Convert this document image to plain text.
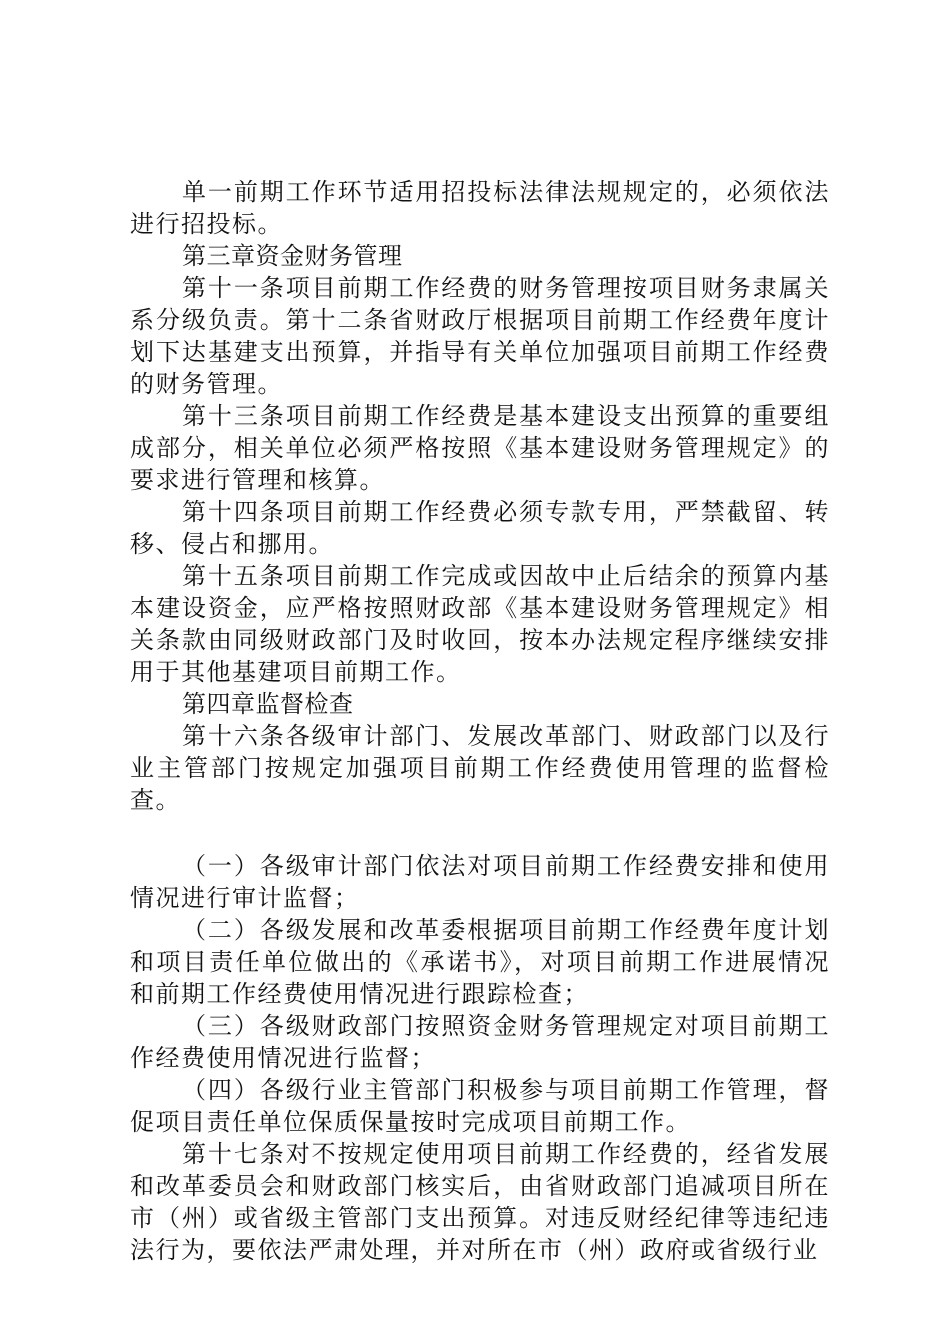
单一前期工作环节适用招投标法律法规规定的，必须依法进行招投标。

第三章资金财务管理

第十一条项目前期工作经费的财务管理按项目财务隶属关系分级负责。第十二条省财政厅根据项目前期工作经费年度计划下达基建支出预算，并指导有关单位加强项目前期工作经费的财务管理。

第十三条项目前期工作经费是基本建设支出预算的重要组成部分，相关单位必须严格按照《基本建设财务管理规定》的要求进行管理和核算。

第十四条项目前期工作经费必须专款专用，严禁截留、转移、侵占和挪用。

第十五条项目前期工作完成或因故中止后结余的预算内基本建设资金，应严格按照财政部《基本建设财务管理规定》相关条款由同级财政部门及时收回，按本办法规定程序继续安排用于其他基建项目前期工作。

第四章监督检查

第十六条各级审计部门、发展改革部门、财政部门以及行业主管部门按规定加强项目前期工作经费使用管理的监督检查。

（一）各级审计部门依法对项目前期工作经费安排和使用情况进行审计监督；

（二）各级发展和改革委根据项目前期工作经费年度计划和项目责任单位做出的《承诺书》，对项目前期工作进展情况和前期工作经费使用情况进行跟踪检查；

（三）各级财政部门按照资金财务管理规定对项目前期工作经费使用情况进行监督；

（四）各级行业主管部门积极参与项目前期工作管理，督促项目责任单位保质保量按时完成项目前期工作。

第十七条对不按规定使用项目前期工作经费的，经省发展和改革委员会和财政部门核实后，由省财政部门追减项目所在市（州）或省级主管部门支出预算。对违反财经纪律等违纪违法行为，要依法严肃处理，并对所在市（州）政府或省级行业
